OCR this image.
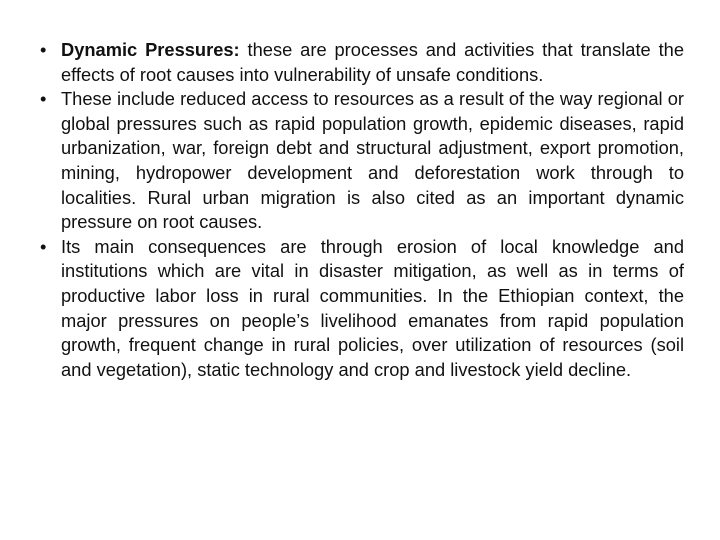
• Dynamic Pressures: these are processes and activities that translate the effects of root causes into vulnerability of unsafe conditions.
• These include reduced access to resources as a result of the way regional or global pressures such as rapid population growth, epidemic diseases, rapid urbanization, war, foreign debt and structural adjustment, export promotion, mining, hydropower development and deforestation work through to localities. Rural urban migration is also cited as an important dynamic pressure on root causes.
• Its main consequences are through erosion of local knowledge and institutions which are vital in disaster mitigation, as well as in terms of productive labor loss in rural communities. In the Ethiopian context, the major pressures on people’s livelihood emanates from rapid population growth, frequent change in rural policies, over utilization of resources (soil and vegetation), static technology and crop and livestock yield decline.
